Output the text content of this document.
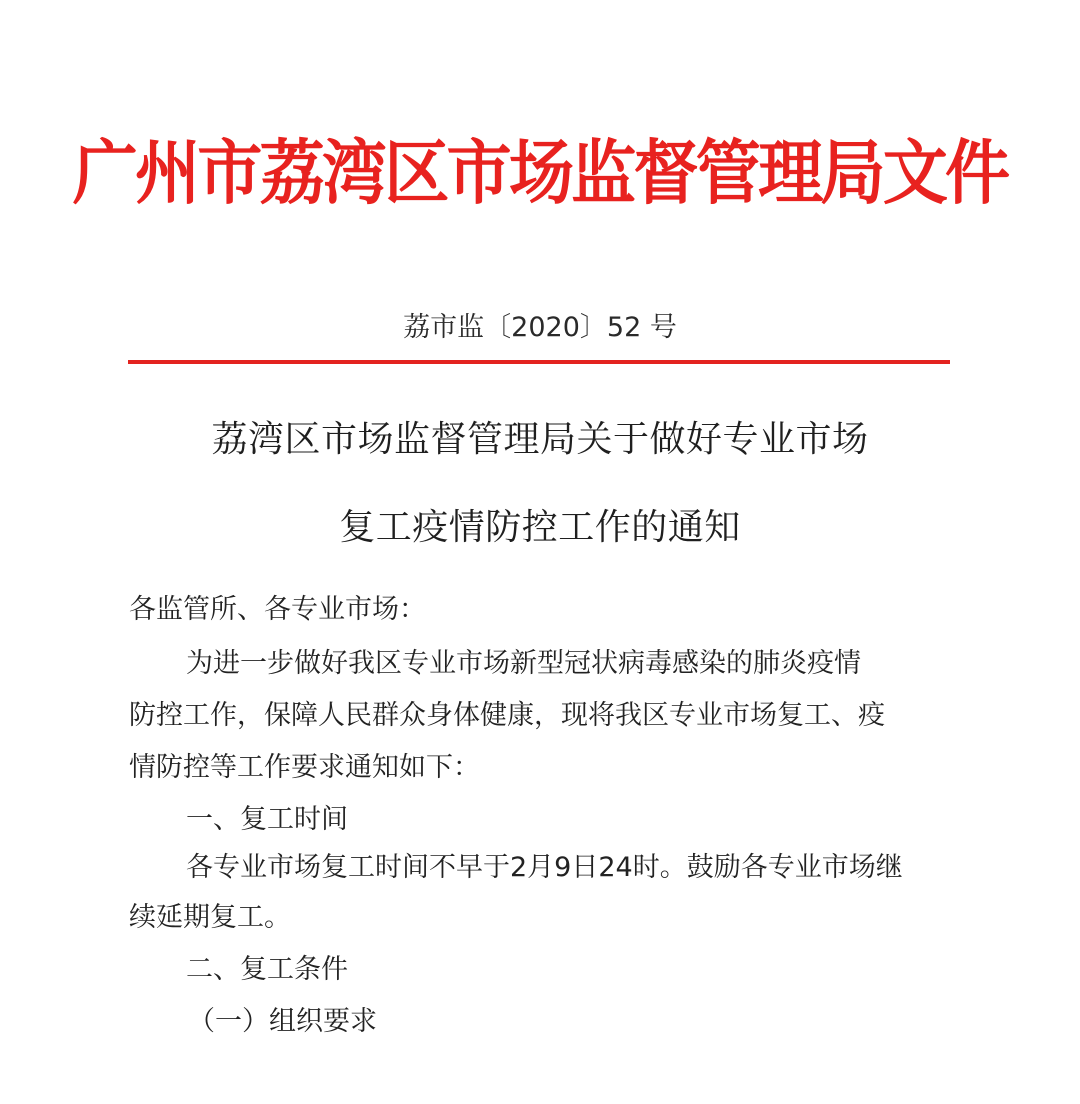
广州市荔湾区市场监督管理局文件
荔市监〔2020〕52 号
荔湾区市场监督管理局关于做好专业市场
复工疫情防控工作的通知
各监管所、各专业市场：
为进一步做好我区专业市场新型冠状病毒感染的肺炎疫情
防控工作，保障人民群众身体健康，现将我区专业市场复工、疫
情防控等工作要求通知如下：
一、复工时间
各专业市场复工时间不早于2月9日24时。鼓励各专业市场继
续延期复工。
二、复工条件
（一）组织要求
